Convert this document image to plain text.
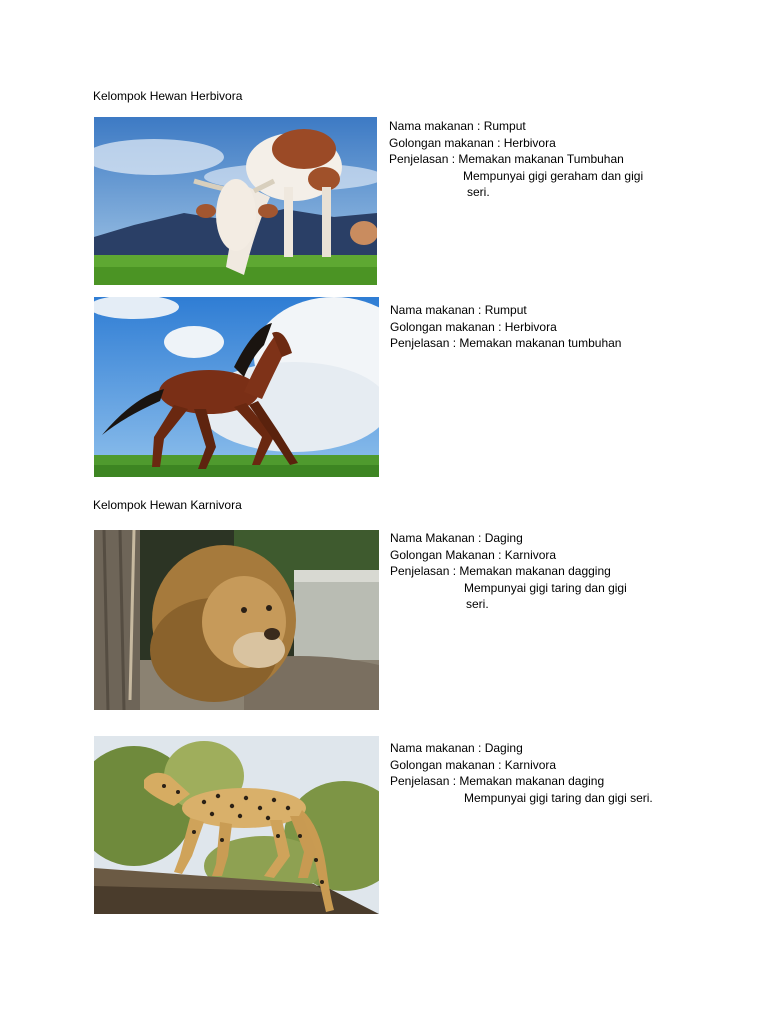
Kelompok Hewan Herbivora
Nama makanan : Rumput
Golongan makanan : Herbivora
Penjelasan : Memakan makanan Tumbuhan
Mempunyai gigi geraham dan gigi
seri.
Nama makanan : Rumput
Golongan makanan : Herbivora
Penjelasan : Memakan makanan tumbuhan
Kelompok Hewan Karnivora
Nama Makanan : Daging
Golongan Makanan : Karnivora
Penjelasan : Memakan makanan dagging
Mempunyai gigi taring dan gigi
seri.
Nama makanan : Daging
Golongan makanan : Karnivora
Penjelasan : Memakan makanan daging
Mempunyai gigi taring dan gigi seri.
